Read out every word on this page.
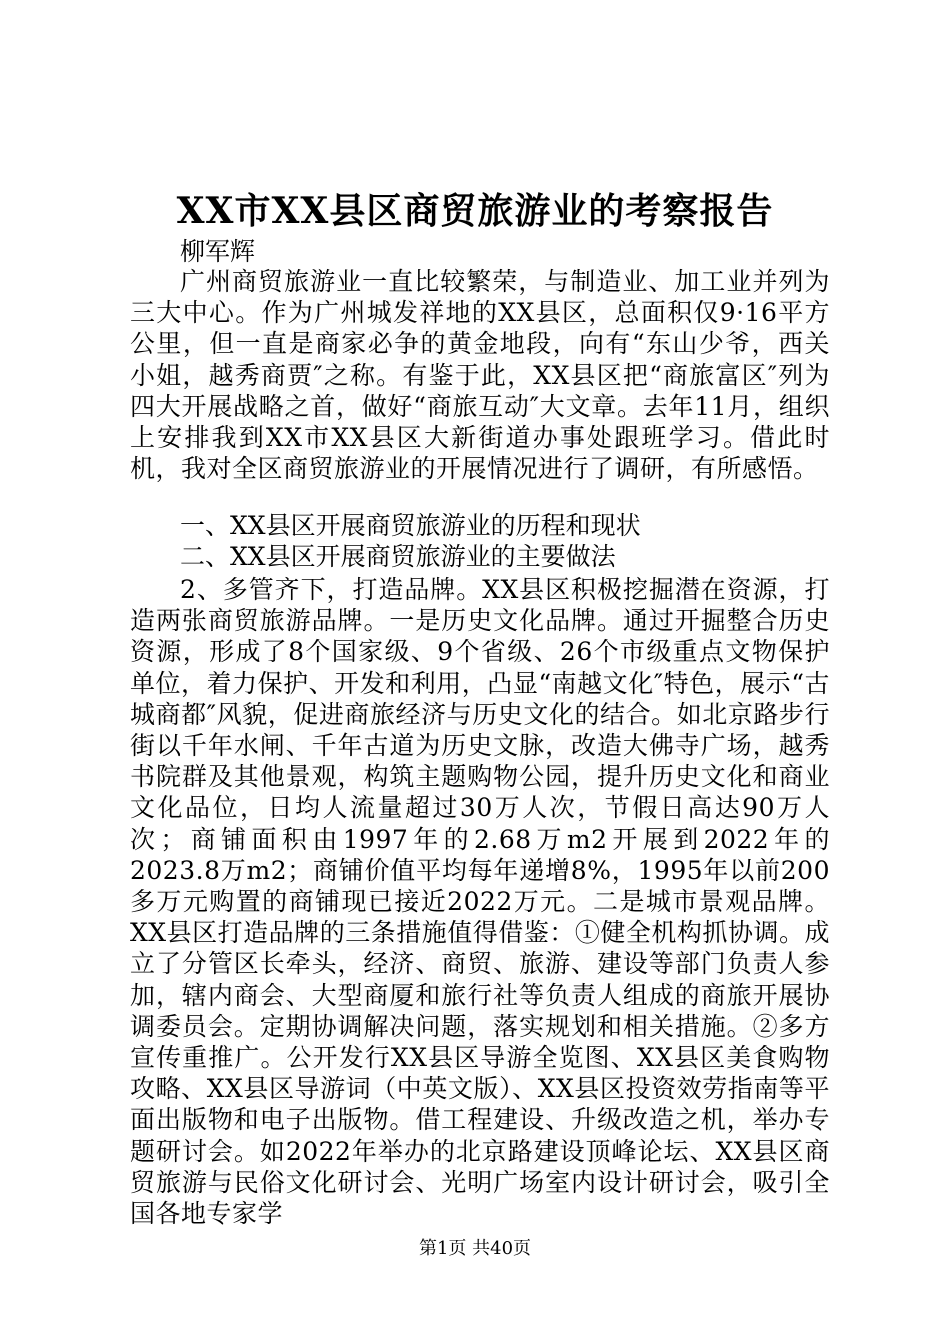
XX市XX县区商贸旅游业的考察报告
柳军辉

广州商贸旅游业一直比较繁荣，与制造业、加工业并列为三大中心。作为广州城发祥地的XX县区，总面积仅9·16平方公里，但一直是商家必争的黄金地段，向有“东山少爷，西关小姐，越秀商贾″之称。有鉴于此，XX县区把“商旅富区″列为四大开展战略之首，做好“商旅互动″大文章。去年11月，组织上安排我到XX市XX县区大新街道办事处跟班学习。借此时机，我对全区商贸旅游业的开展情况进行了调研，有所感悟。

一、XX县区开展商贸旅游业的历程和现状

二、XX县区开展商贸旅游业的主要做法

2、多管齐下，打造品牌。XX县区积极挖掘潜在资源，打造两张商贸旅游品牌。一是历史文化品牌。通过开掘整合历史资源，形成了8个国家级、9个省级、26个市级重点文物保护单位，着力保护、开发和利用，凸显“南越文化″特色，展示“古城商都″风貌，促进商旅经济与历史文化的结合。如北京路步行街以千年水闸、千年古道为历史文脉，改造大佛寺广场，越秀书院群及其他景观，构筑主题购物公园，提升历史文化和商业文化品位，日均人流量超过30万人次，节假日高达90万人次；商铺面积由1997年的2.68万m2开展到2022年的2023.8万m2；商铺价值平均每年递增8%，1995年以前200多万元购置的商铺现已接近2022万元。二是城市景观品牌。XX县区打造品牌的三条措施值得借鉴：①健全机构抓协调。成立了分管区长牵头，经济、商贸、旅游、建设等部门负责人参加，辖内商会、大型商厦和旅行社等负责人组成的商旅开展协调委员会。定期协调解决问题，落实规划和相关措施。②多方宣传重推广。公开发行XX县区导游全览图、XX县区美食购物攻略、XX县区导游词（中英文版）、XX县区投资效劳指南等平面出版物和电子出版物。借工程建设、升级改造之机，举办专题研讨会。如2022年举办的北京路建设顶峰论坛、XX县区商贸旅游与民俗文化研讨会、光明广场室内设计研讨会，吸引全国各地专家学

第1页 共40页
